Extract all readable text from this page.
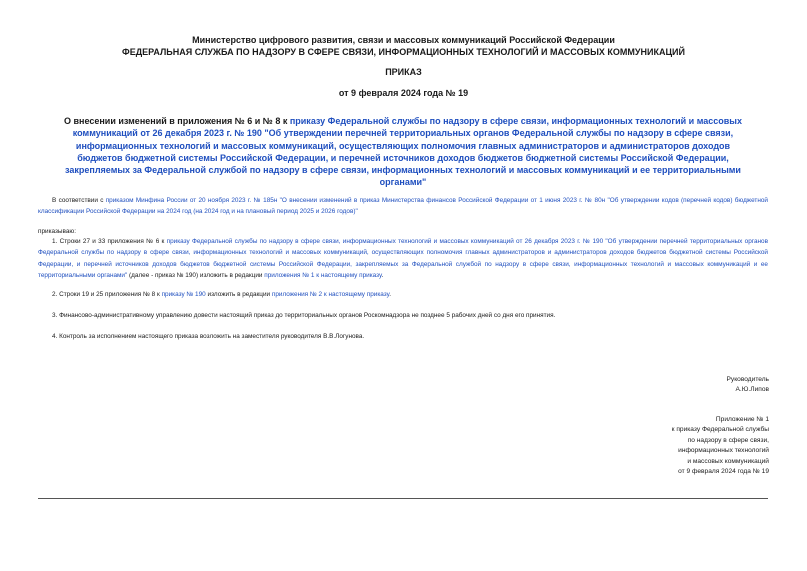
Министерство цифрового развития, связи и массовых коммуникаций Российской Федерации
ФЕДЕРАЛЬНАЯ СЛУЖБА ПО НАДЗОРУ В СФЕРЕ СВЯЗИ, ИНФОРМАЦИОННЫХ ТЕХНОЛОГИЙ И МАССОВЫХ КОММУНИКАЦИЙ
ПРИКАЗ
от 9 февраля 2024 года № 19
О внесении изменений в приложения № 6 и № 8 к приказу Федеральной службы по надзору в сфере связи, информационных технологий и массовых коммуникаций от 26 декабря 2023 г. № 190 "Об утверждении перечней территориальных органов Федеральной службы по надзору в сфере связи, информационных технологий и массовых коммуникаций, осуществляющих полномочия главных администраторов и администраторов доходов бюджетов бюджетной системы Российской Федерации, и перечней источников доходов бюджетов бюджетной системы Российской Федерации, закрепляемых за Федеральной службой по надзору в сфере связи, информационных технологий и массовых коммуникаций и ее территориальными органами"
В соответствии с приказом Минфина России от 20 ноября 2023 г. № 185н "О внесении изменений в приказ Министерства финансов Российской Федерации от 1 июня 2023 г. № 80н "Об утверждении кодов (перечней кодов) бюджетной классификации Российской Федерации на 2024 год (на 2024 год и на плановый период 2025 и 2026 годов)"
приказываю:
1. Строки 27 и 33 приложения № 6 к приказу Федеральной службы по надзору в сфере связи, информационных технологий и массовых коммуникаций от 26 декабря 2023 г. № 190 "Об утверждении перечней территориальных органов Федеральной службы по надзору в сфере связи, информационных технологий и массовых коммуникаций, осуществляющих полномочия главных администраторов и администраторов доходов бюджетов бюджетной системы Российской Федерации, и перечней источников доходов бюджетов бюджетной системы Российской Федерации, закрепляемых за Федеральной службой по надзору в сфере связи, информационных технологий и массовых коммуникаций и ее территориальными органами" (далее - приказ № 190) изложить в редакции приложения № 1 к настоящему приказу.
2. Строки 19 и 25 приложения № 8 к приказу № 190 изложить в редакции приложения № 2 к настоящему приказу.
3. Финансово-административному управлению довести настоящий приказ до территориальных органов Роскомнадзора не позднее 5 рабочих дней со дня его принятия.
4. Контроль за исполнением настоящего приказа возложить на заместителя руководителя В.В.Логунова.
Руководитель
А.Ю.Липов
Приложение № 1
к приказу Федеральной службы
по надзору в сфере связи,
информационных технологий
и массовых коммуникаций
от 9 февраля 2024 года № 19
